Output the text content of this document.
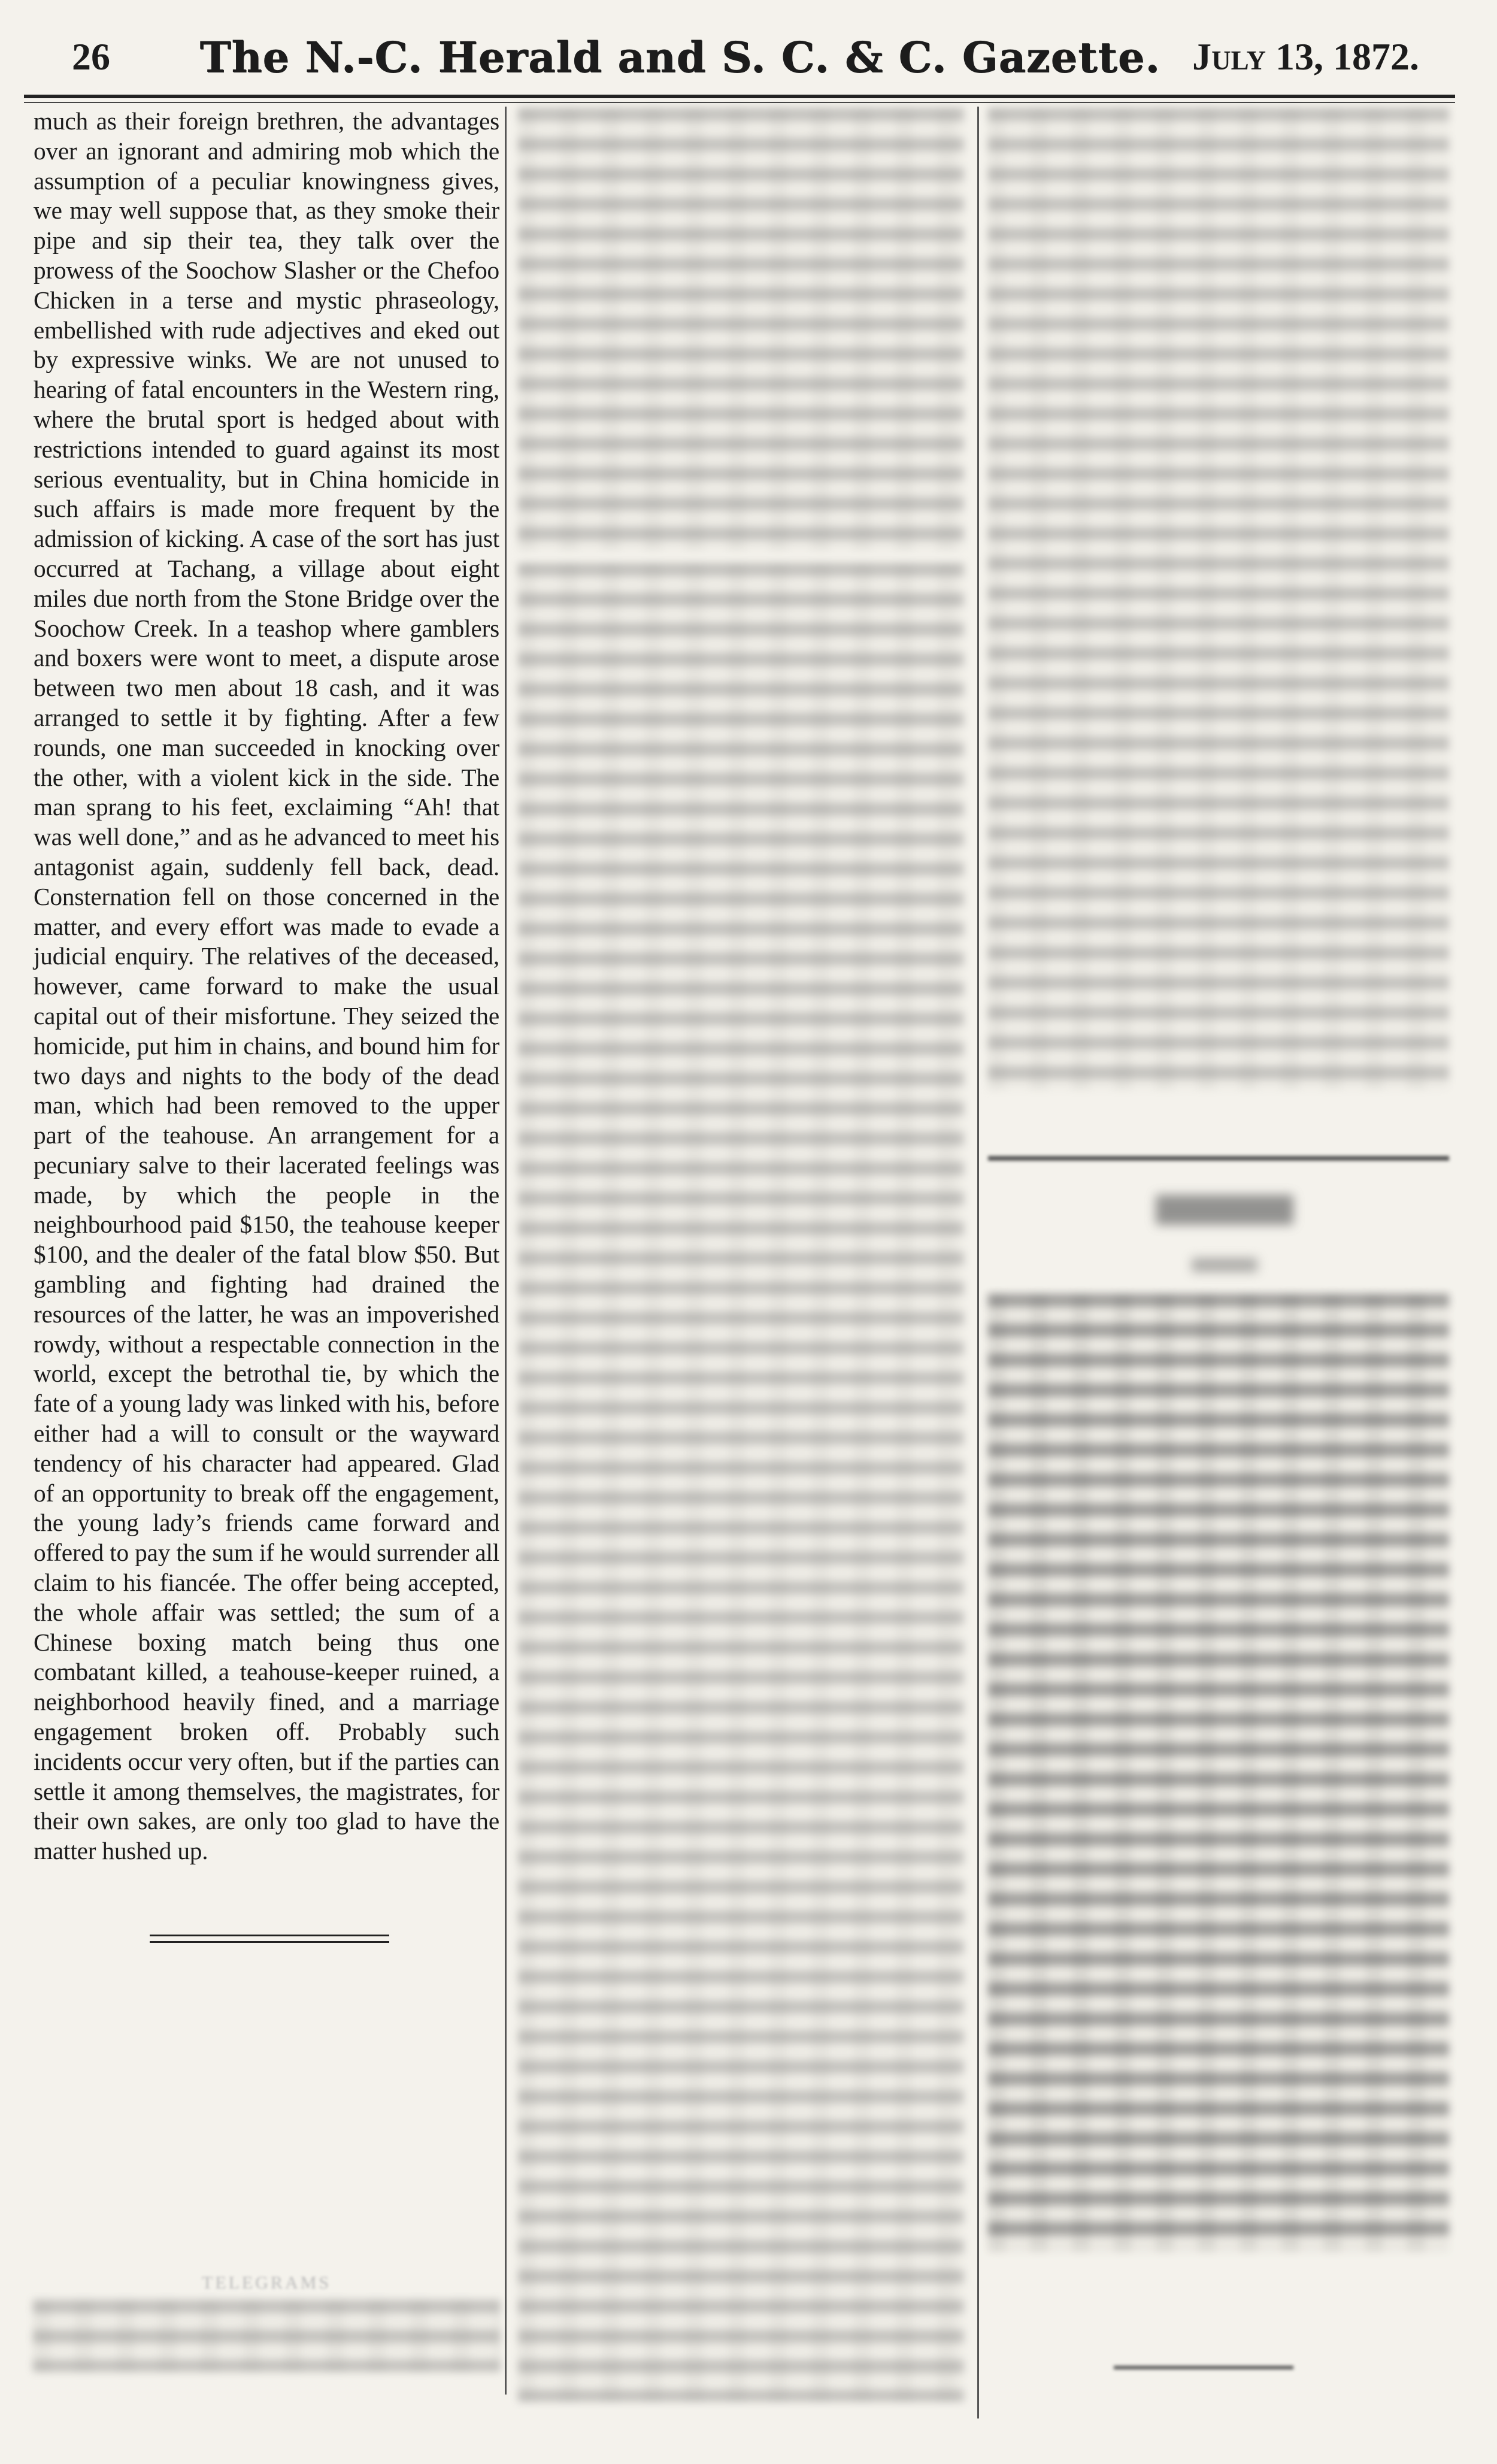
26	The N.-C. Herald and S. C. & C. Gazette. July 13, 1872.

much as their foreign brethren, the advantages over an ignorant and admiring mob which the assumption of a peculiar knowingness gives, we may well suppose that, as they smoke their pipe and sip their tea, they talk over the prowess of the Soochow Slasher or the Chefoo Chicken in a terse and mystic phraseology, embellished with rude adjectives and eked out by expressive winks. We are not unused to hearing of fatal encounters in the Western ring, where the brutal sport is hedged about with restrictions intended to guard against its most serious eventuality, but in China homicide in such affairs is made more frequent by the admission of kicking. A case of the sort has just occurred at Tachang, a village about eight miles due north from the Stone Bridge over the Soochow Creek. In a teashop where gamblers and boxers were wont to meet, a dispute arose between two men about 18 cash, and it was arranged to settle it by fighting. After a few rounds, one man succeeded in knocking over the other, with a violent kick in the side. The man sprang to his feet, exclaiming “Ah! that was well done,” and as he advanced to meet his antagonist again, suddenly fell back, dead. Consternation fell on those concerned in the matter, and every effort was made to evade a judicial enquiry. The relatives of the deceased, however, came forward to make the usual capital out of their misfortune. They seized the homicide, put him in chains, and bound him for two days and nights to the body of the dead man, which had been removed to the upper part of the teahouse. An arrangement for a pecuniary salve to their lacerated feelings was made, by which the people in the neighbourhood paid $150, the teahouse keeper $100, and the dealer of the fatal blow $50. But gambling and fighting had drained the resources of the latter, he was an impoverished rowdy, without a respectable connection in the world, except the betrothal tie, by which the fate of a young lady was linked with his, before either had a will to consult or the wayward tendency of his character had appeared. Glad of an opportunity to break off the engagement, the young lady’s friends came forward and offered to pay the sum if he would surrender all claim to his fiancée. The offer being accepted, the whole affair was settled; the sum of a Chinese boxing match being thus one combatant killed, a teahouse-keeper ruined, a neighborhood heavily fined, and a marriage engagement broken off. Probably such incidents occur very often, but if the parties can settle it among themselves, the magistrates, for their own sakes, are only too glad to have the matter hushed up.

TELEGRAMS
